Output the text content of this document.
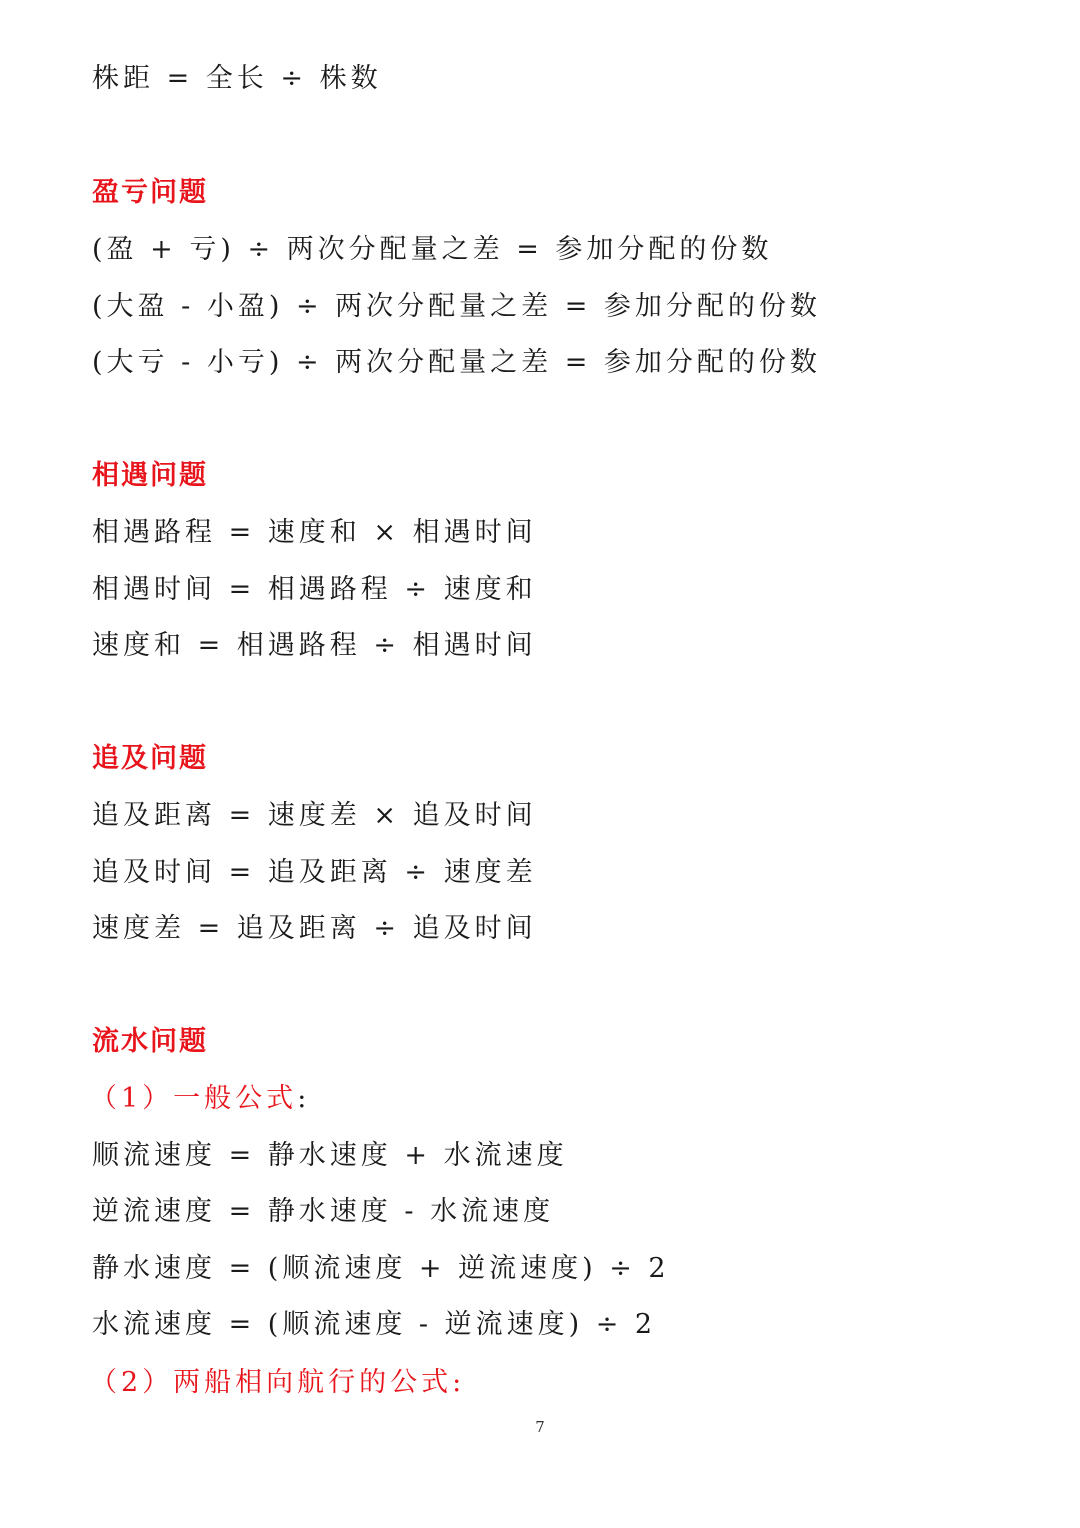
株距 = 全长 ÷ 株数
盈亏问题
(盈 + 亏) ÷ 两次分配量之差 = 参加分配的份数
(大盈 - 小盈) ÷ 两次分配量之差 = 参加分配的份数
(大亏 - 小亏) ÷ 两次分配量之差 = 参加分配的份数
相遇问题
相遇路程 = 速度和 × 相遇时间
相遇时间 = 相遇路程 ÷ 速度和
速度和 = 相遇路程 ÷ 相遇时间
追及问题
追及距离 = 速度差 × 追及时间
追及时间 = 追及距离 ÷ 速度差
速度差 = 追及距离 ÷ 追及时间
流水问题
（1）一般公式:
顺流速度 = 静水速度 + 水流速度
逆流速度 = 静水速度 - 水流速度
静水速度 = (顺流速度 + 逆流速度) ÷ 2
水流速度 = (顺流速度 - 逆流速度) ÷ 2
（2）两船相向航行的公式:
7
